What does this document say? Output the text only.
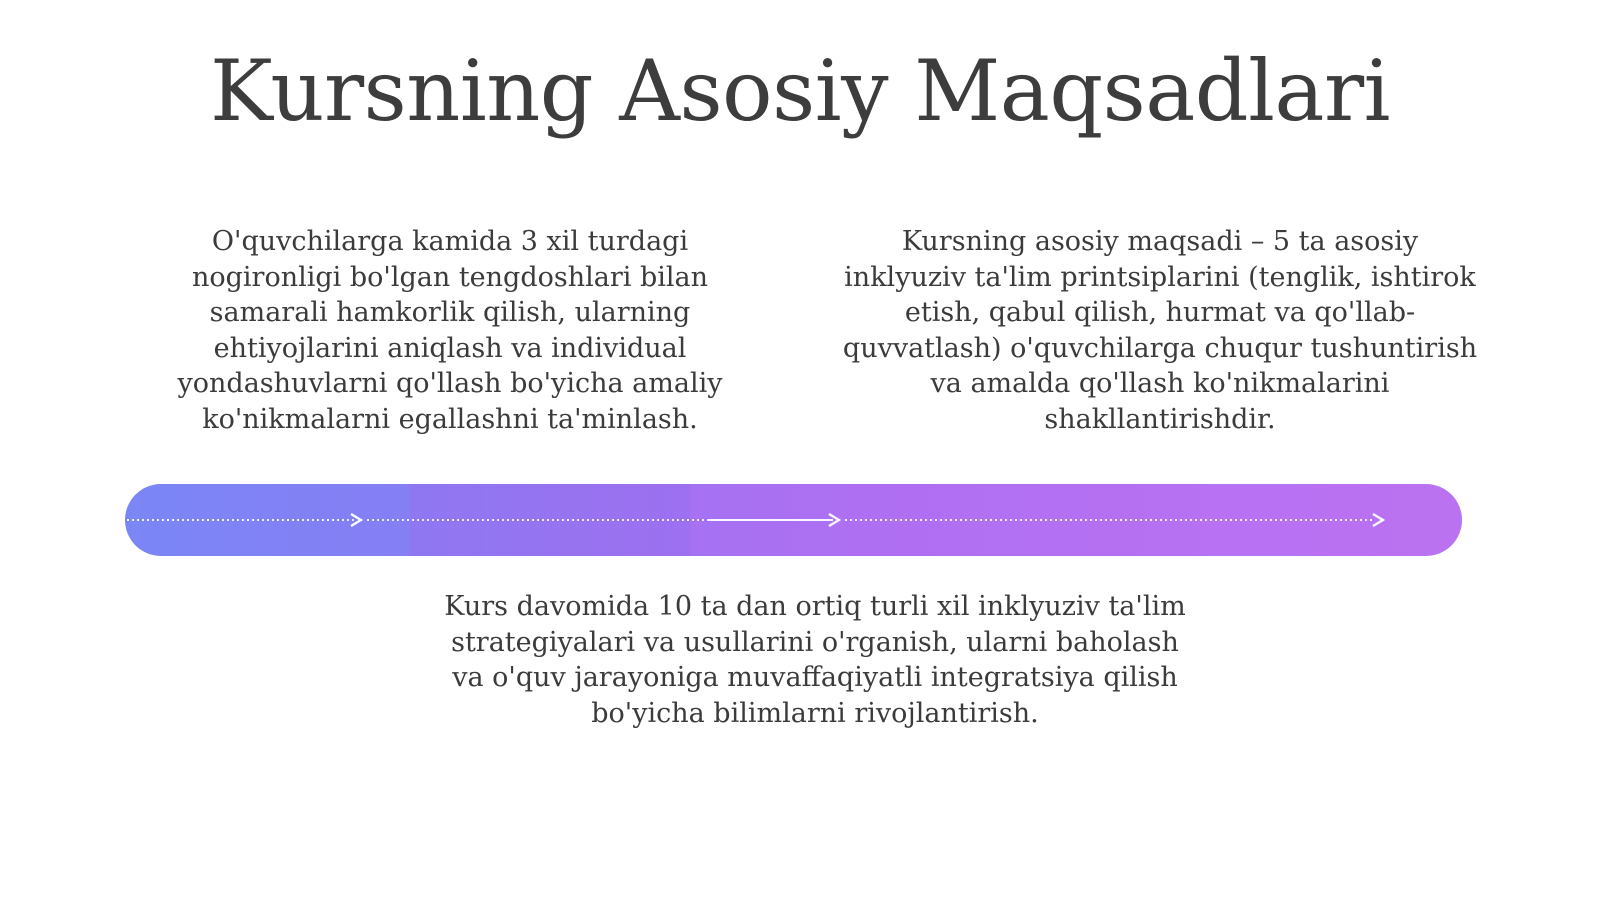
Kursning Asosiy Maqsadlari
O'quvchilarga kamida 3 xil turdagi nogironligi bo'lgan tengdoshlari bilan samarali hamkorlik qilish, ularning ehtiyojlarini aniqlash va individual yondashuvlarni qo'llash bo'yicha amaliy ko'nikmalarni egallashni ta'minlash.
Kursning asosiy maqsadi – 5 ta asosiy inklyuziv ta'lim printsiplarini (tenglik, ishtirok etish, qabul qilish, hurmat va qo'llab-quvvatlash) o'quvchilarga chuqur tushuntirish va amalda qo'llash ko'nikmalarini shakllantirishdir.
Kurs davomida 10 ta dan ortiq turli xil inklyuziv ta'lim strategiyalari va usullarini o'rganish, ularni baholash va o'quv jarayoniga muvaffaqiyatli integratsiya qilish bo'yicha bilimlarni rivojlantirish.
